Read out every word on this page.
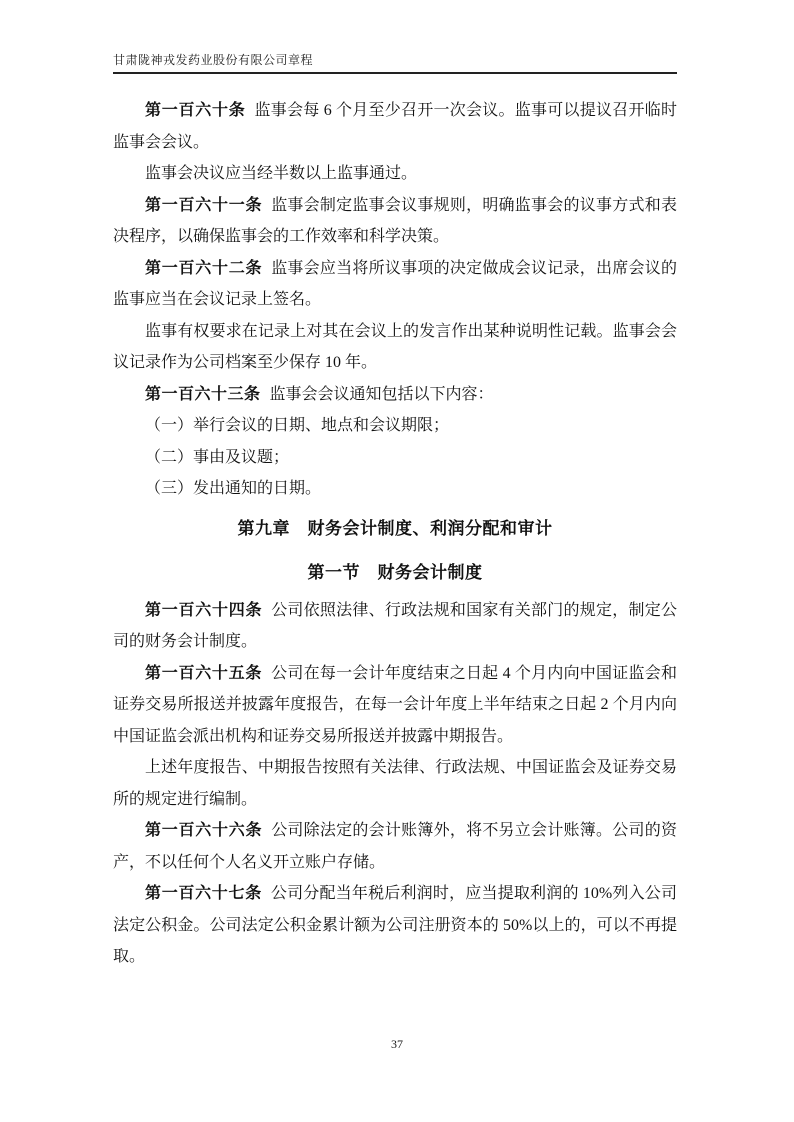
甘肃陇神戎发药业股份有限公司章程

第一百六十条 监事会每 6 个月至少召开一次会议。监事可以提议召开临时监事会会议。

监事会决议应当经半数以上监事通过。

第一百六十一条 监事会制定监事会议事规则，明确监事会的议事方式和表决程序，以确保监事会的工作效率和科学决策。

第一百六十二条 监事会应当将所议事项的决定做成会议记录，出席会议的监事应当在会议记录上签名。

监事有权要求在记录上对其在会议上的发言作出某种说明性记载。监事会会议记录作为公司档案至少保存 10 年。

第一百六十三条 监事会会议通知包括以下内容：

（一）举行会议的日期、地点和会议期限；

（二）事由及议题；

（三）发出通知的日期。

第九章　财务会计制度、利润分配和审计

第一节　财务会计制度

第一百六十四条 公司依照法律、行政法规和国家有关部门的规定，制定公司的财务会计制度。

第一百六十五条 公司在每一会计年度结束之日起 4 个月内向中国证监会和证券交易所报送并披露年度报告，在每一会计年度上半年结束之日起 2 个月内向中国证监会派出机构和证券交易所报送并披露中期报告。

上述年度报告、中期报告按照有关法律、行政法规、中国证监会及证券交易所的规定进行编制。

第一百六十六条 公司除法定的会计账簿外，将不另立会计账簿。公司的资产，不以任何个人名义开立账户存储。

第一百六十七条 公司分配当年税后利润时，应当提取利润的 10%列入公司法定公积金。公司法定公积金累计额为公司注册资本的 50%以上的，可以不再提取。

37
